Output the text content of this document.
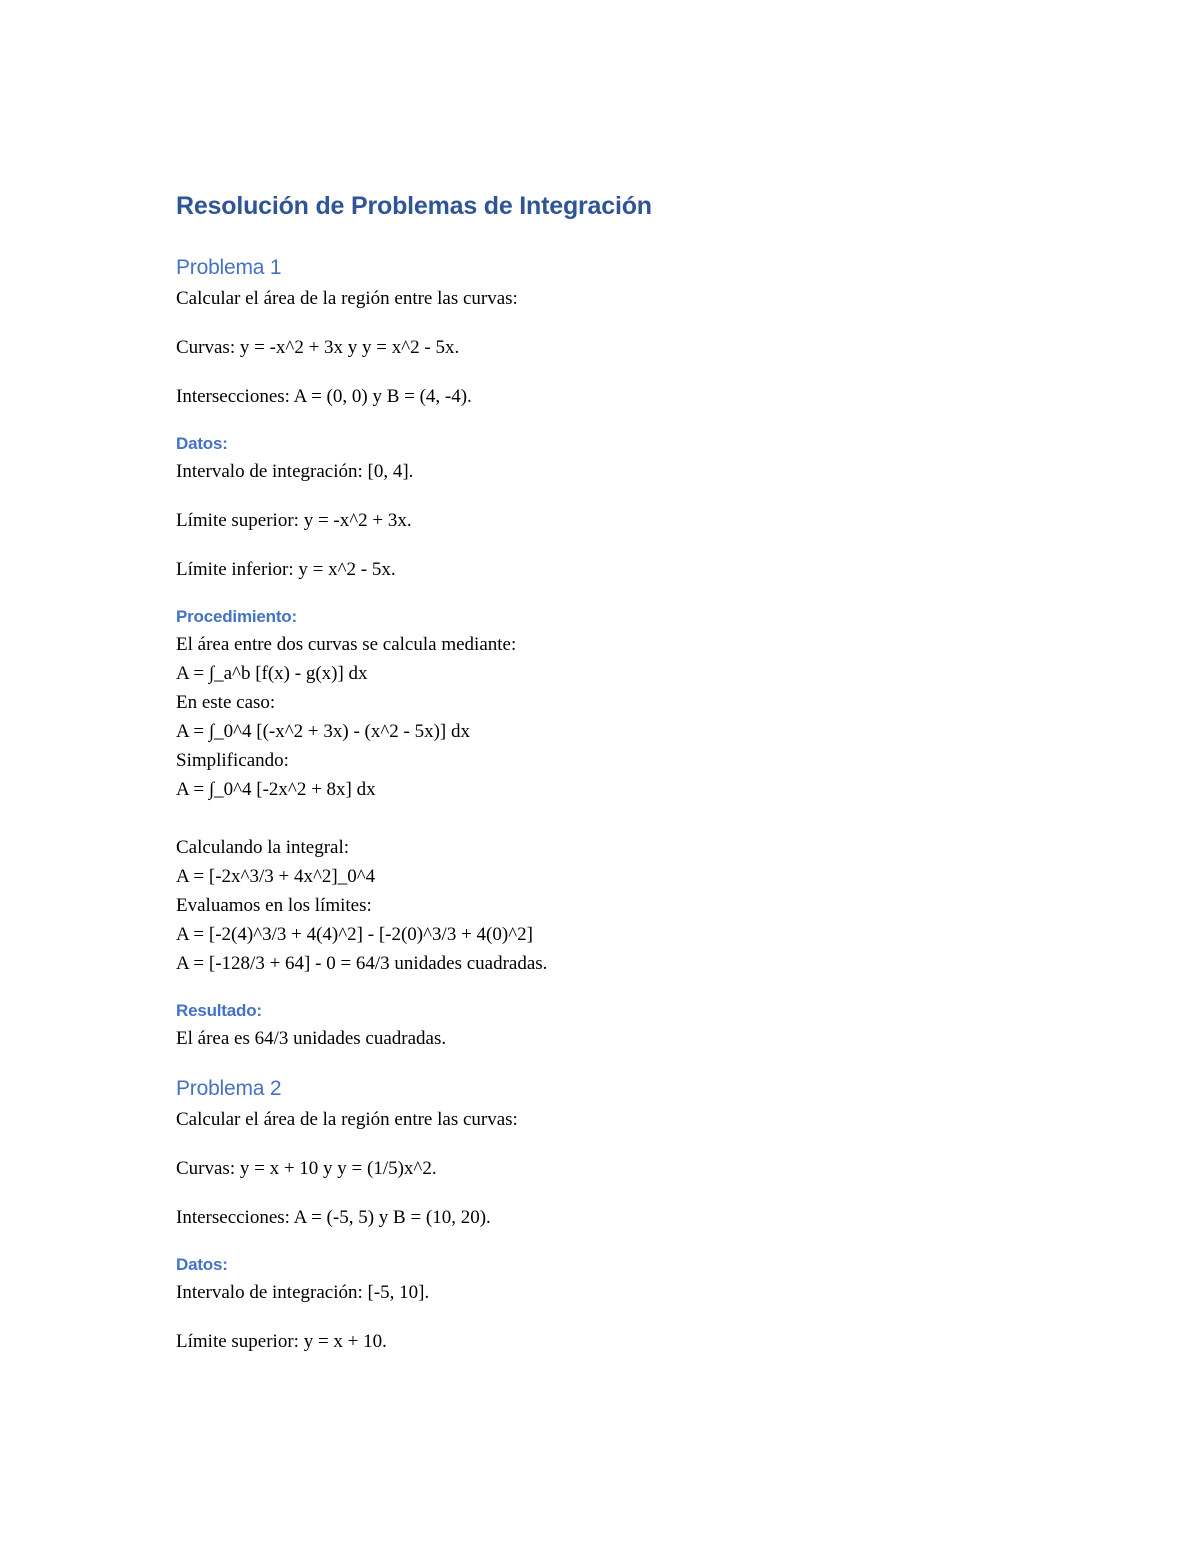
Resolución de Problemas de Integración
Problema 1

Calcular el área de la región entre las curvas:

Curvas: y = -x^2 + 3x y y = x^2 - 5x.

Intersecciones: A = (0, 0) y B = (4, -4).

Datos:

Intervalo de integración: [0, 4].

Límite superior: y = -x^2 + 3x.

Límite inferior: y = x^2 - 5x.

Procedimiento:

El área entre dos curvas se calcula mediante:

A = ∫_a^b [f(x) - g(x)] dx

En este caso:

A = ∫_0^4 [(-x^2 + 3x) - (x^2 - 5x)] dx

Simplificando:

A = ∫_0^4 [-2x^2 + 8x] dx

Calculando la integral:

A = [-2x^3/3 + 4x^2]_0^4

Evaluamos en los límites:

A = [-2(4)^3/3 + 4(4)^2] - [-2(0)^3/3 + 4(0)^2]

A = [-128/3 + 64] - 0 = 64/3 unidades cuadradas.

Resultado:

El área es 64/3 unidades cuadradas.

Problema 2

Calcular el área de la región entre las curvas:

Curvas: y = x + 10 y y = (1/5)x^2.

Intersecciones: A = (-5, 5) y B = (10, 20).

Datos:

Intervalo de integración: [-5, 10].

Límite superior: y = x + 10.
